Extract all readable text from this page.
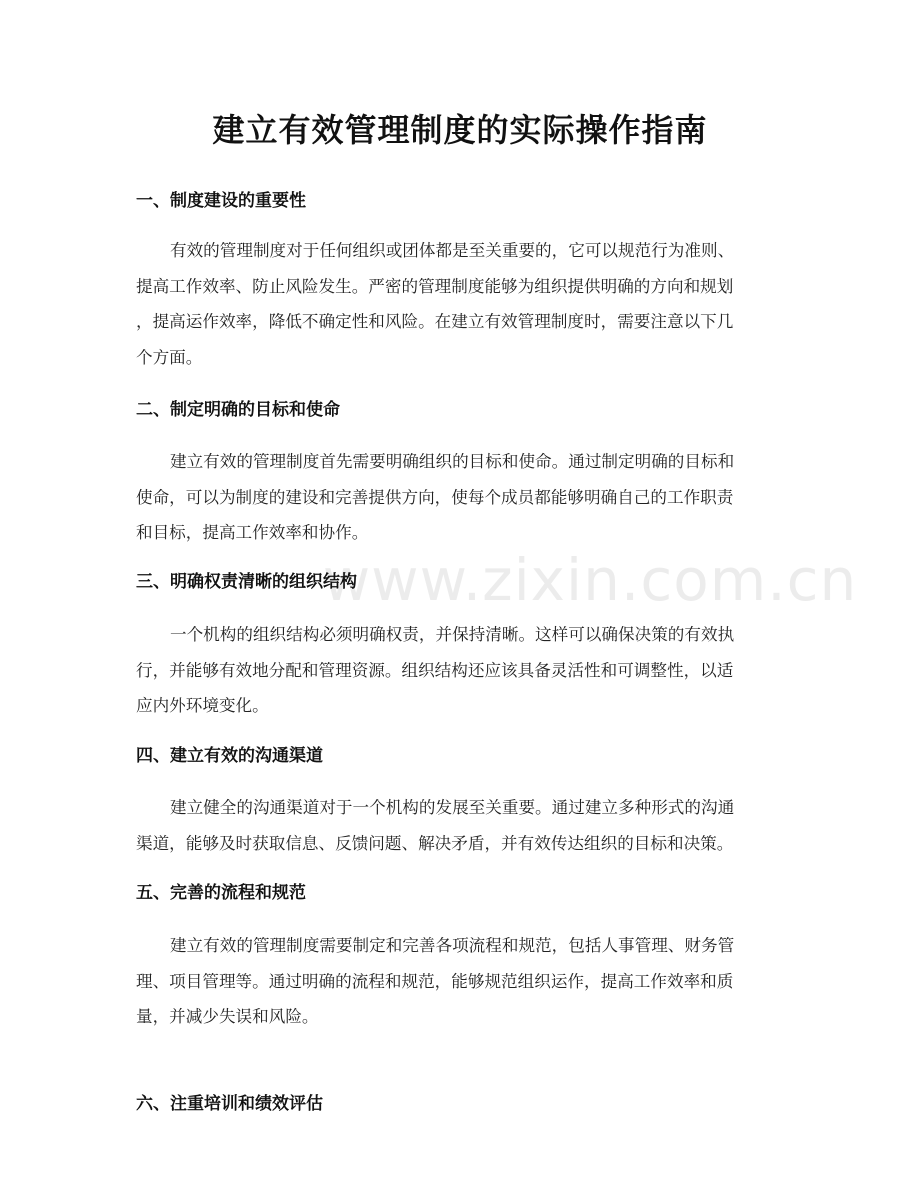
建立有效管理制度的实际操作指南
www.zixin.com.cn
一、制度建设的重要性
有效的管理制度对于任何组织或团体都是至关重要的，它可以规范行为准则、
提高工作效率、防止风险发生。严密的管理制度能够为组织提供明确的方向和规划
，提高运作效率，降低不确定性和风险。在建立有效管理制度时，需要注意以下几
个方面。
二、制定明确的目标和使命
建立有效的管理制度首先需要明确组织的目标和使命。通过制定明确的目标和
使命，可以为制度的建设和完善提供方向，使每个成员都能够明确自己的工作职责
和目标，提高工作效率和协作。
三、明确权责清晰的组织结构
一个机构的组织结构必须明确权责，并保持清晰。这样可以确保决策的有效执
行，并能够有效地分配和管理资源。组织结构还应该具备灵活性和可调整性，以适
应内外环境变化。
四、建立有效的沟通渠道
建立健全的沟通渠道对于一个机构的发展至关重要。通过建立多种形式的沟通
渠道，能够及时获取信息、反馈问题、解决矛盾，并有效传达组织的目标和决策。
五、完善的流程和规范
建立有效的管理制度需要制定和完善各项流程和规范，包括人事管理、财务管
理、项目管理等。通过明确的流程和规范，能够规范组织运作，提高工作效率和质
量，并减少失误和风险。
六、注重培训和绩效评估
